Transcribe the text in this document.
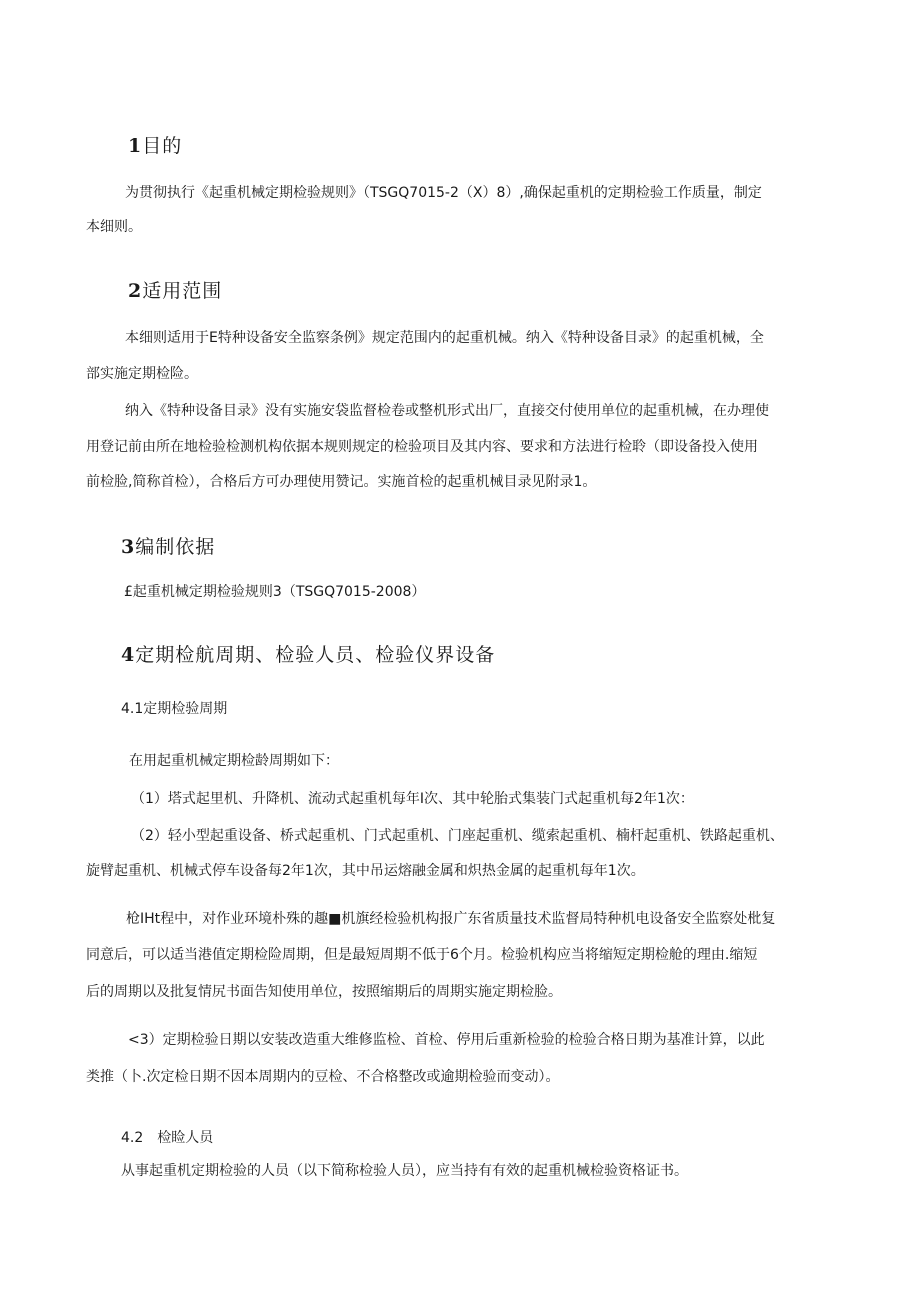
1目的
为贯彻执行《起重机械定期检验规则》（TSGQ7015-2（X）8）,确保起重机的定期检验工作质量，制定
本细则。
2适用范围
本细则适用于E特种设备安全监察条例》规定范围内的起重机械。纳入《特种设备目录》的起重机械，全
部实施定期检险。
纳入《特种设备目录》没有实施安袋监督检卷或整机形式出厂，直接交付使用单位的起重机械，在办理使
用登记前由所在地检验检测机构依据本规则规定的检验项目及其内容、要求和方法进行检聆（即设备投入使用
前检脸,简称首检），合格后方可办理使用赞记。实施首检的起重机械目录见附录1。
3编制依据
£起重机械定期检验规则3（TSGQ7015-2008）
4定期检航周期、检验人员、检验仪界设备
4.1定期检验周期
在用起重机械定期检龄周期如下：
（1）塔式起里机、升降机、流动式起重机每年I次、其中轮胎式集装门式起重机每2年1次：
（2）轻小型起重设备、桥式起重机、门式起重机、门座起重机、缆索起重机、楠杆起重机、铁路起重机、
旋臂起重机、机械式停车设备每2年1次，其中吊运熔融金属和炽热金属的起重机每年1次。
枪IHt程中，对作业环境朴殊的趣■机旗经检验机构报广东省质量技术监督局特种机电设备安全监察处枇复
同意后，可以适当港值定期检险周期，但是最短周期不低于6个月。检验机构应当将缩短定期检舱的理由.缩短
后的周期以及批复情尻书面告知使用单位，按照缩期后的周期实施定期检脸。
<3）定期检验日期以安装改造重大维修监检、首检、停用后重新检验的检验合格日期为基准计算，以此
类推（卜.次定检日期不因本周期内的豆检、不合格整改或逾期检验而变动）。
4.2 检睑人员
从事起重机定期检验的人员（以下简称检验人员），应当持有有效的起重机械检验资格证书。
